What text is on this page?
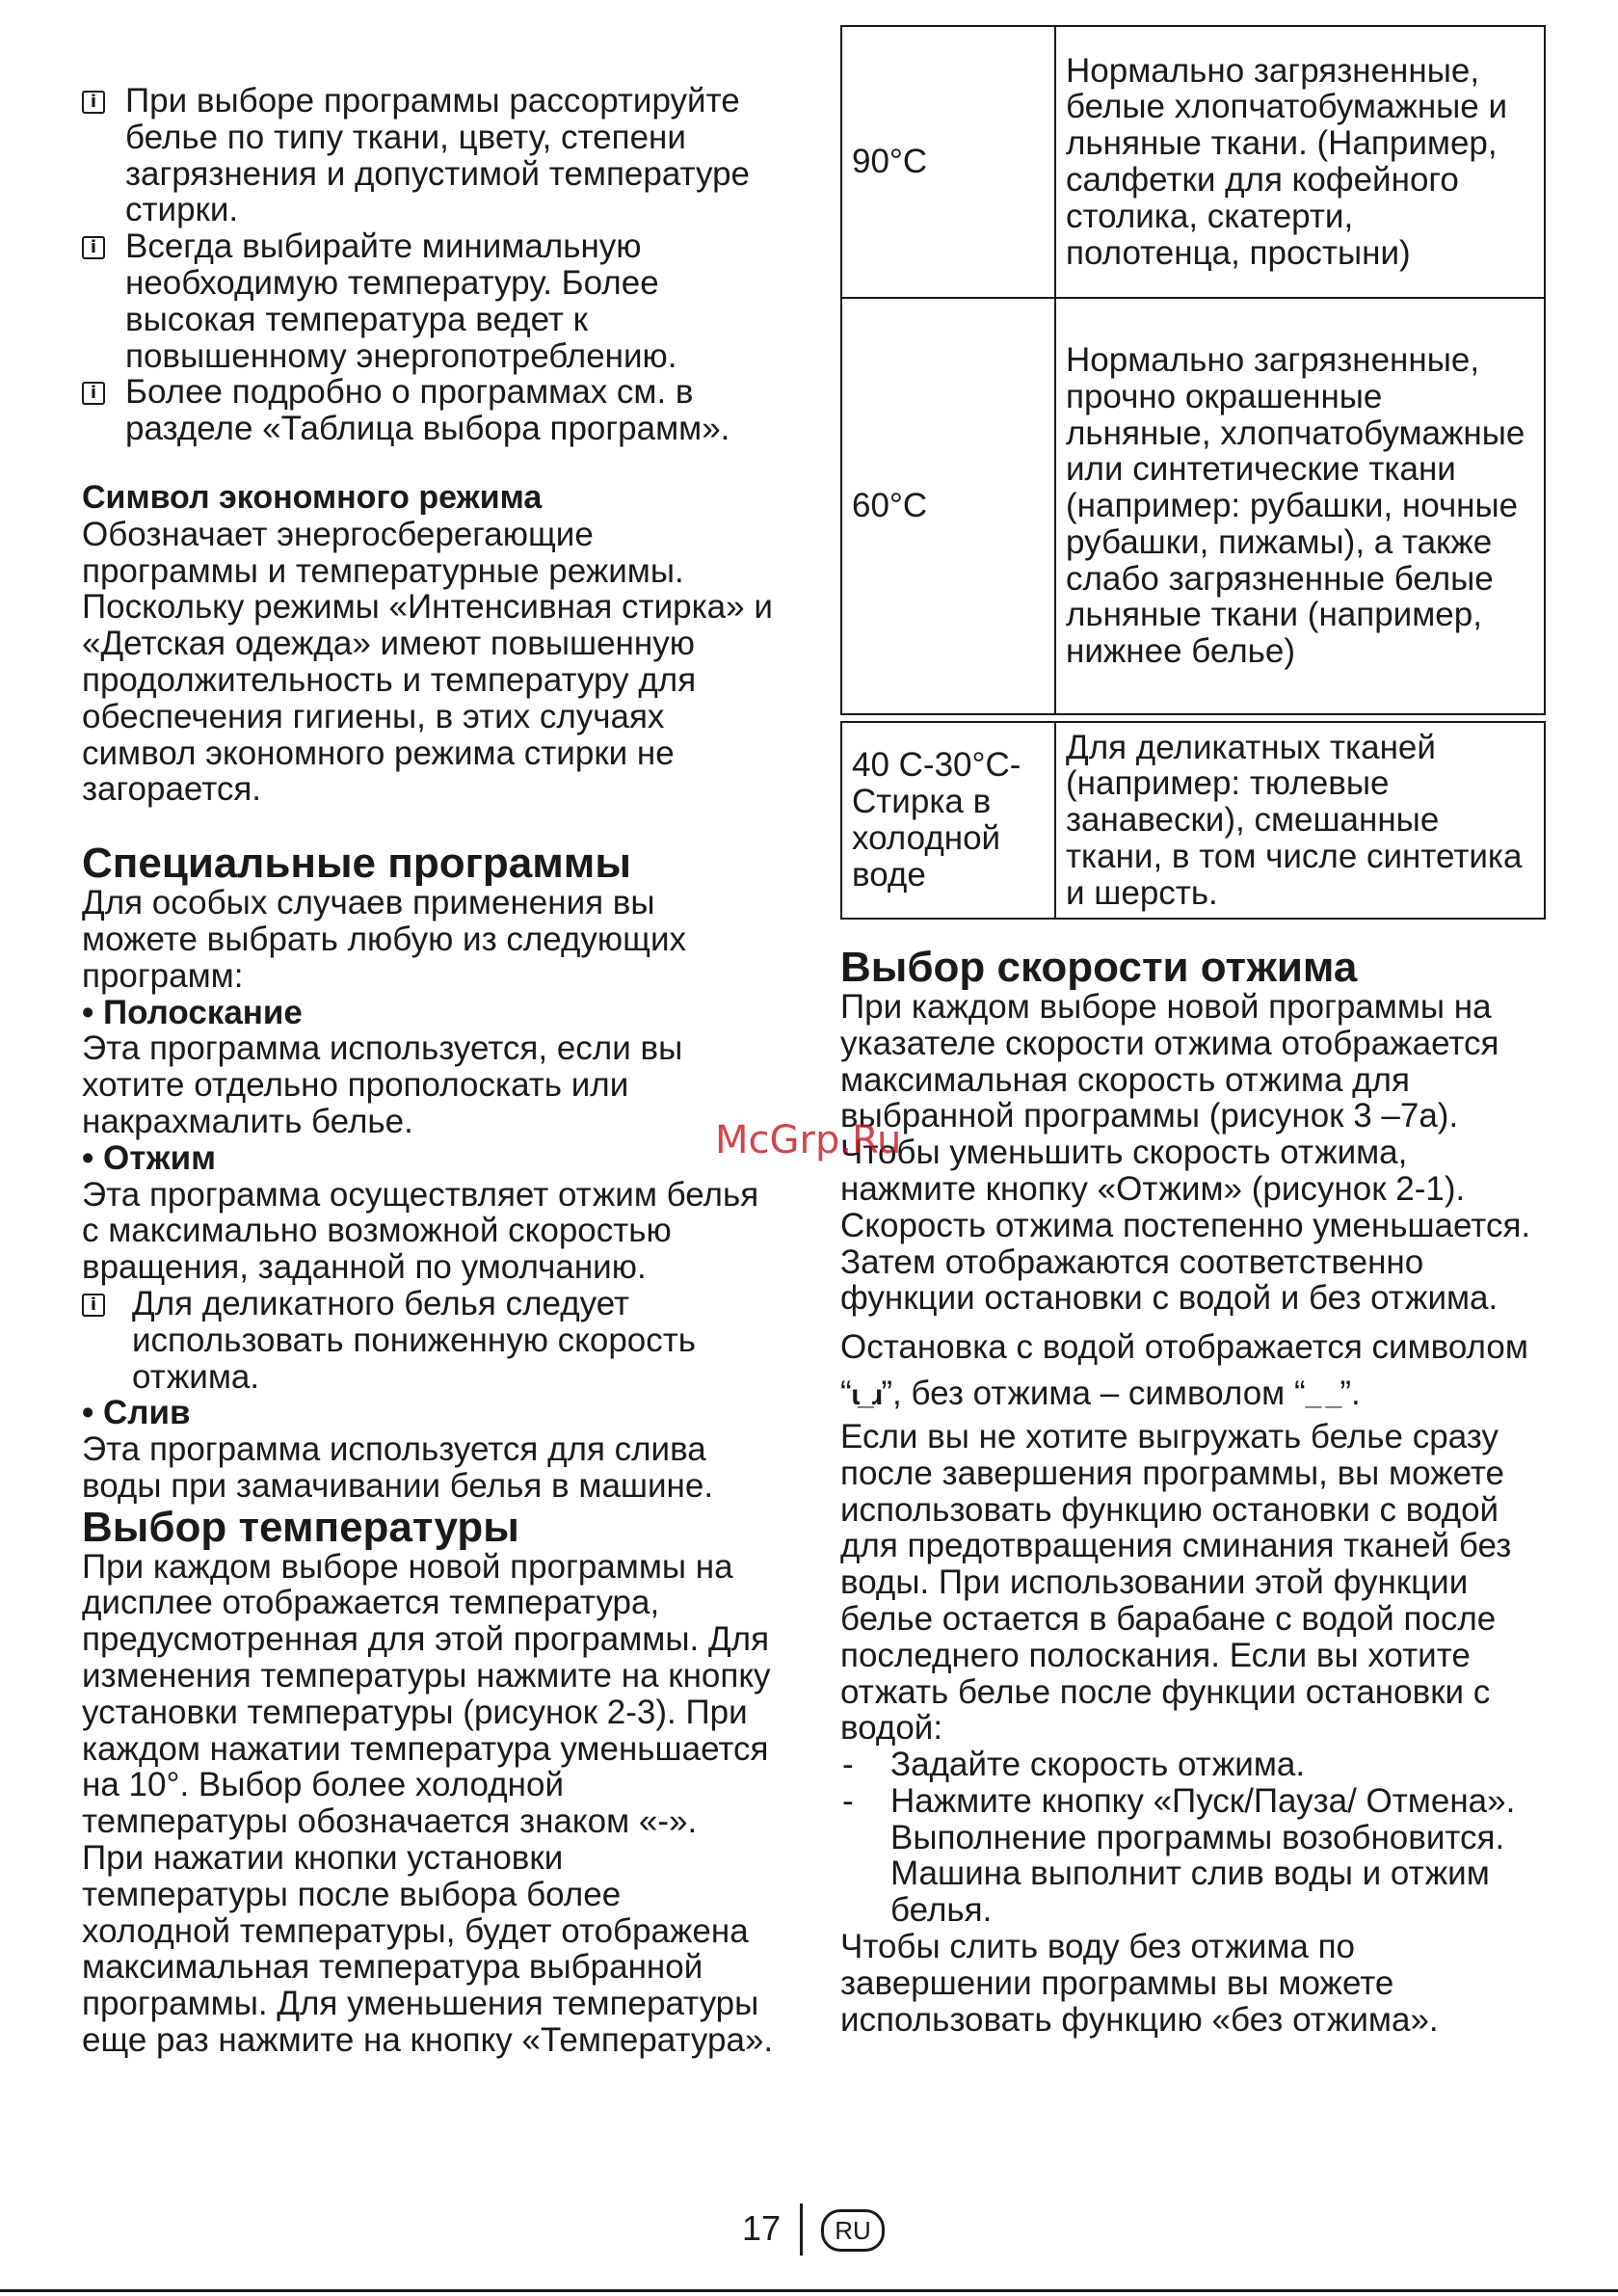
i При выборе программы рассортируйте белье по типу ткани, цвету, степени загрязнения и допустимой температуре стирки.
i Всегда выбирайте минимальную необходимую температуру. Более высокая температура ведет к повышенному энергопотреблению.
i Более подробно о программах см. в разделе «Таблица выбора программ».
Символ экономного режима

Обозначает энергосберегающие программы и температурные режимы. Поскольку режимы «Интенсивная стирка» и «Детская одежда» имеют повышенную продолжительность и температуру для обеспечения гигиены, в этих случаях символ экономного режима стирки не загорается.

Специальные программы

Для особых случаев применения вы можете выбрать любую из следующих программ:

• Полоскание

Эта программа используется, если вы хотите отдельно прополоскать или накрахмалить белье.

• Отжим

Эта программа осуществляет отжим белья с максимально возможной скоростью вращения, заданной по умолчанию.

i Для деликатного белья следует использовать пониженную скорость отжима.
• Слив

Эта программа используется для слива воды при замачивании белья в машине.

Выбор температуры

При каждом выборе новой программы на дисплее отображается температура, предусмотренная для этой программы. Для изменения температуры нажмите на кнопку установки температуры (рисунок 2-3). При каждом нажатии температура уменьшается на 10°. Выбор более холодной температуры обозначается знаком «-».

При нажатии кнопки установки температуры после выбора более холодной температуры, будет отображена максимальная температура выбранной программы. Для уменьшения температуры еще раз нажмите на кнопку «Температура».

90°C	Нормально загрязненные, белые хлопчатобумажные и льняные ткани. (Например, салфетки для кофейного столика, скатерти, полотенца, простыни)
60°C	Нормально загрязненные, прочно окрашенные льняные, хлопчатобумажные или синтетические ткани (например: рубашки, ночные рубашки, пижамы), а также слабо загрязненные белые льняные ткани (например, нижнее белье)
40 C-30°C-Стирка в холодной воде	Для деликатных тканей (например: тюлевые занавески), смешанные ткани, в том числе синтетика и шерсть.
Выбор скорости отжима

При каждом выборе новой программы на указателе скорости отжима отображается максимальная скорость отжима для выбранной программы (рисунок 3 –7а).

Чтобы уменьшить скорость отжима, нажмите кнопку «Отжим» (рисунок 2-1). Скорость отжима постепенно уменьшается. Затем отображаются соответственно функции остановки с водой и без отжима.

Остановка с водой отображается символом “ɩ_ɹ”, без отжима – символом “_ _”.

Если вы не хотите выгружать белье сразу после завершения программы, вы можете использовать функцию остановки с водой для предотвращения сминания тканей без воды. При использовании этой функции белье остается в барабане с водой после последнего полоскания. Если вы хотите отжать белье после функции остановки с водой:

- Задайте скорость отжима.
- Нажмите кнопку «Пуск/Пауза/ Отмена». Выполнение программы возобновится. Машина выполнит слив воды и отжим белья.

Чтобы слить воду без отжима по завершении программы вы можете использовать функцию «без отжима».

McGrp.Ru
17	RU
